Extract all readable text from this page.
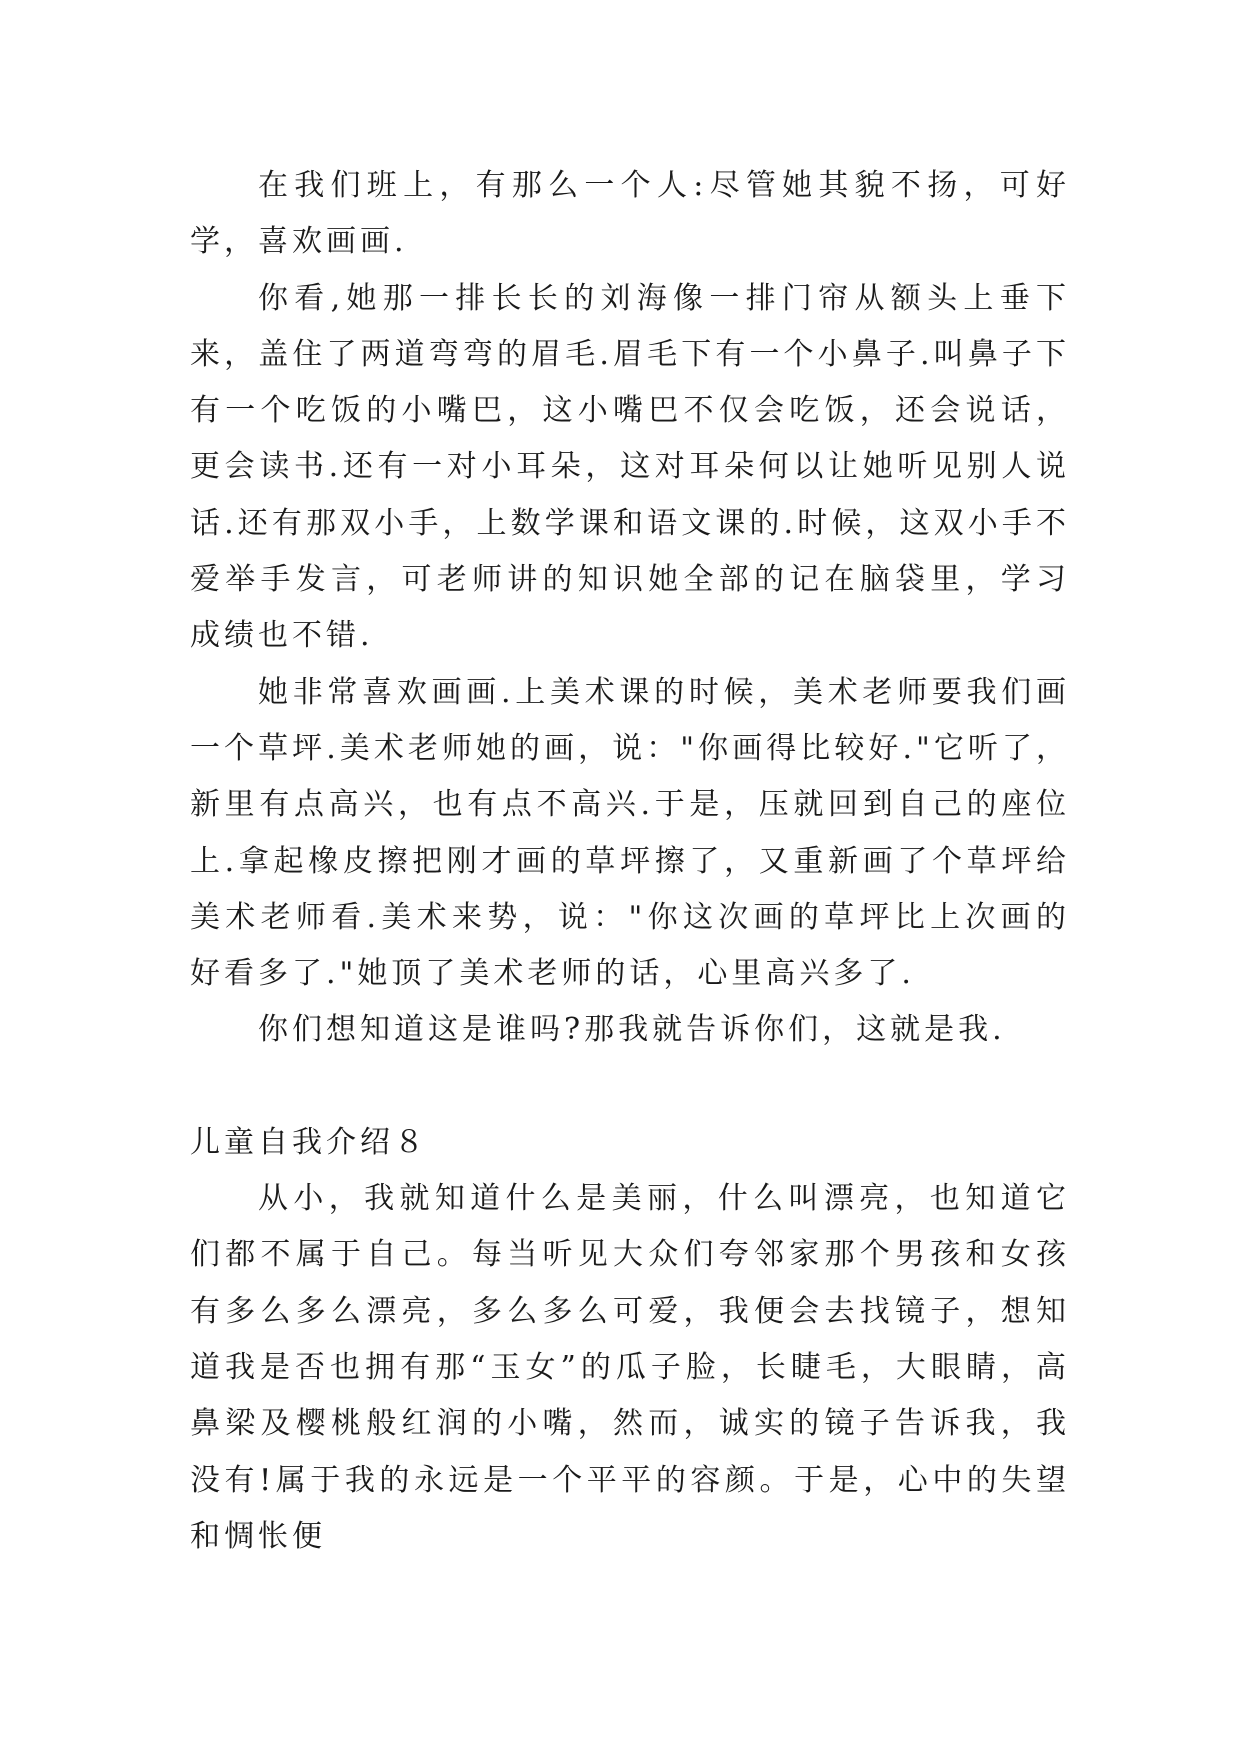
在我们班上，有那么一个人:尽管她其貌不扬，可好学，喜欢画画.

你看,她那一排长长的刘海像一排门帘从额头上垂下来，盖住了两道弯弯的眉毛.眉毛下有一个小鼻子.叫鼻子下有一个吃饭的小嘴巴，这小嘴巴不仅会吃饭，还会说话，更会读书.还有一对小耳朵，这对耳朵何以让她听见别人说话.还有那双小手，上数学课和语文课的.时候，这双小手不爱举手发言，可老师讲的知识她全部的记在脑袋里，学习成绩也不错.

她非常喜欢画画.上美术课的时候，美术老师要我们画一个草坪.美术老师她的画，说："你画得比较好."它听了，新里有点高兴，也有点不高兴.于是，压就回到自己的座位上.拿起橡皮擦把刚才画的草坪擦了，又重新画了个草坪给美术老师看.美术来势，说："你这次画的草坪比上次画的好看多了."她顶了美术老师的话，心里高兴多了.

你们想知道这是谁吗?那我就告诉你们，这就是我.

儿童自我介绍８

从小，我就知道什么是美丽，什么叫漂亮，也知道它们都不属于自己。每当听见大众们夸邻家那个男孩和女孩有多么多么漂亮，多么多么可爱，我便会去找镜子，想知道我是否也拥有那“玉女”的瓜子脸，长睫毛，大眼睛，高鼻梁及樱桃般红润的小嘴，然而，诚实的镜子告诉我，我没有!属于我的永远是一个平平的容颜。于是，心中的失望和惆怅便
